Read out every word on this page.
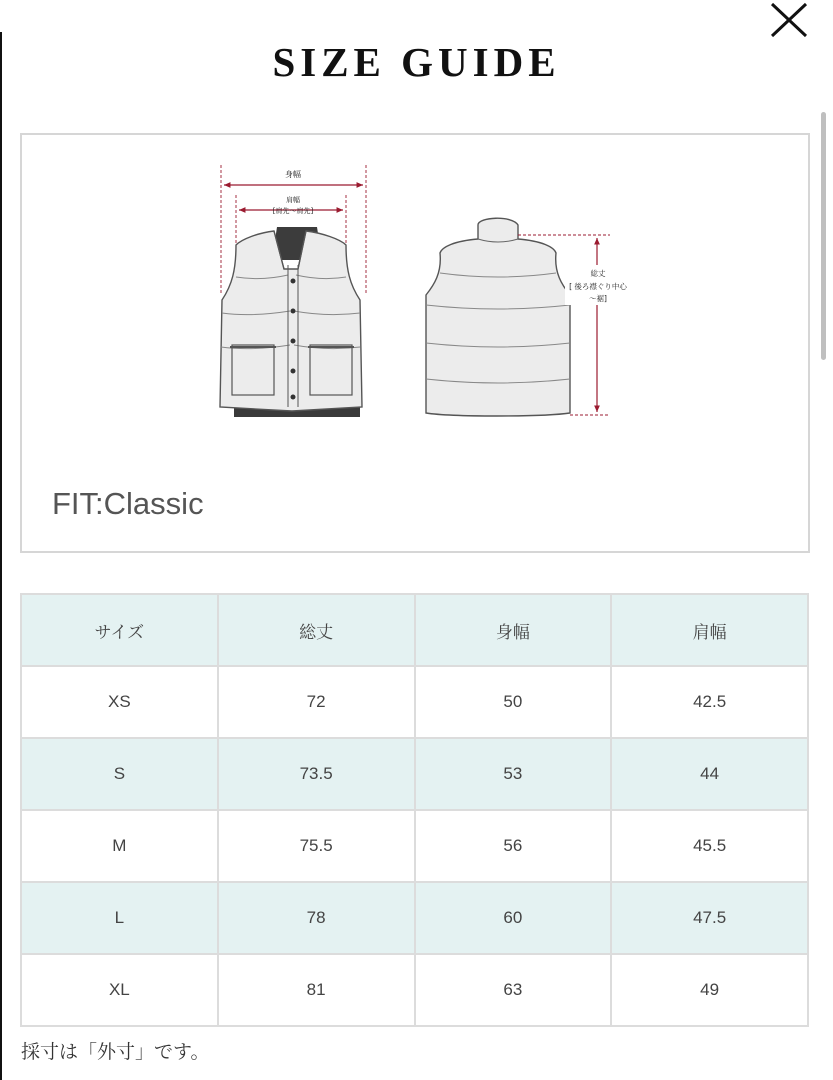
SIZE GUIDE
身幅
肩幅
[肩先〜肩先]
総丈
[ 後ろ襟ぐり中心
〜裾]
FIT:Classic
サイズ	総丈	身幅	肩幅
XS	72	50	42.5
S	73.5	53	44
M	75.5	56	45.5
L	78	60	47.5
XL	81	63	49
採寸は「外寸」です。
